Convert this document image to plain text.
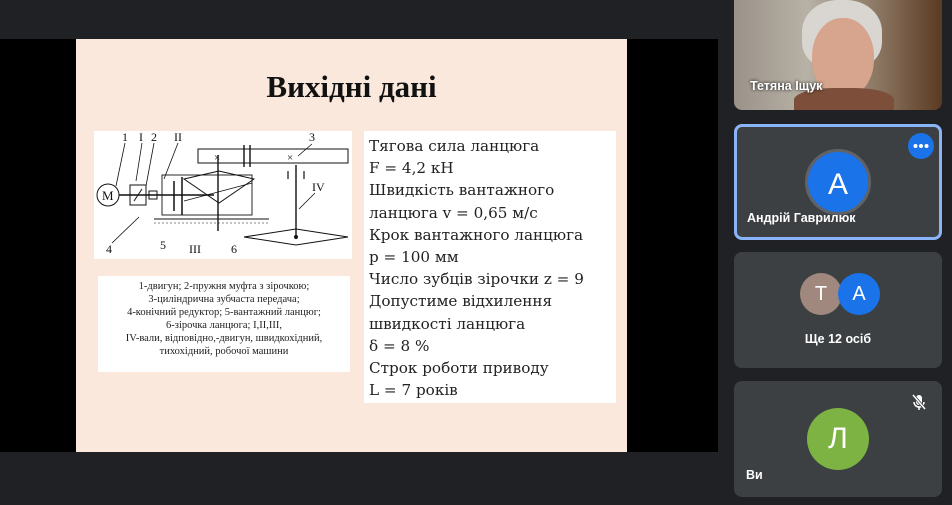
Вихідні дані
1 І 2 ІІ	3
ІV
4	5 ІІІ	6
M
×	×
1-двигун; 2-пружня муфта з зірочкою;
3-циліндрична зубчаста передача;
4-конічний редуктор; 5-вантажний ланцюг;
6-зірочка ланцюга; І,ІІ,ІІІ,
ІV-вали, відповідно,-двигун, швидкохідний,
тихохідний, робочої машини
Тягова сила ланцюга
F = 4,2 кН
Швидкість вантажного
ланцюга v = 0,65 м/с
Крок вантажного ланцюга
p = 100 мм
Число зубців зірочки z = 9
Допустиме відхилення
швидкості ланцюга
δ = 8 %
Строк роботи приводу
L = 7 років
Тетяна Іщук
А
Андрій Гаврилюк
Т	А
Ще 12 осіб
Л
Ви
